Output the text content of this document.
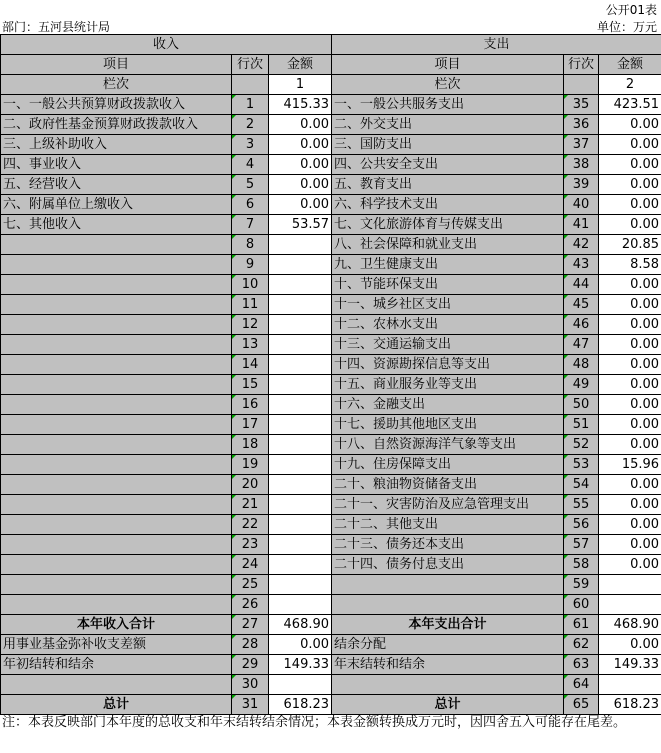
公开01表
部门：五河县统计局	单位：万元
收入			支出		
项目	行次	金额	项目	行次	金额
栏次		1	栏次		2
一、一般公共预算财政拨款收入	1	415.33	一、一般公共服务支出	35	423.51
二、政府性基金预算财政拨款收入	2	0.00	二、外交支出	36	0.00
三、上级补助收入	3	0.00	三、国防支出	37	0.00
四、事业收入	4	0.00	四、公共安全支出	38	0.00
五、经营收入	5	0.00	五、教育支出	39	0.00
六、附属单位上缴收入	6	0.00	六、科学技术支出	40	0.00
七、其他收入	7	53.57	七、文化旅游体育与传媒支出	41	0.00
	8		八、社会保障和就业支出	42	20.85
	9		九、卫生健康支出	43	8.58
	10		十、节能环保支出	44	0.00
	11		十一、城乡社区支出	45	0.00
	12		十二、农林水支出	46	0.00
	13		十三、交通运输支出	47	0.00
	14		十四、资源勘探信息等支出	48	0.00
	15		十五、商业服务业等支出	49	0.00
	16		十六、金融支出	50	0.00
	17		十七、援助其他地区支出	51	0.00
	18		十八、自然资源海洋气象等支出	52	0.00
	19		十九、住房保障支出	53	15.96
	20		二十、粮油物资储备支出	54	0.00
	21		二十一、灾害防治及应急管理支出	55	0.00
	22		二十二、其他支出	56	0.00
	23		二十三、债务还本支出	57	0.00
	24		二十四、债务付息支出	58	0.00
	25			59	
	26			60	
本年收入合计	27	468.90	本年支出合计	61	468.90
用事业基金弥补收支差额	28	0.00	结余分配	62	0.00
年初结转和结余	29	149.33	年末结转和结余	63	149.33
	30			64	
总计	31	618.23	总计	65	618.23
注：本表反映部门本年度的总收支和年末结转结余情况；本表金额转换成万元时，因四舍五入可能存在尾差。
